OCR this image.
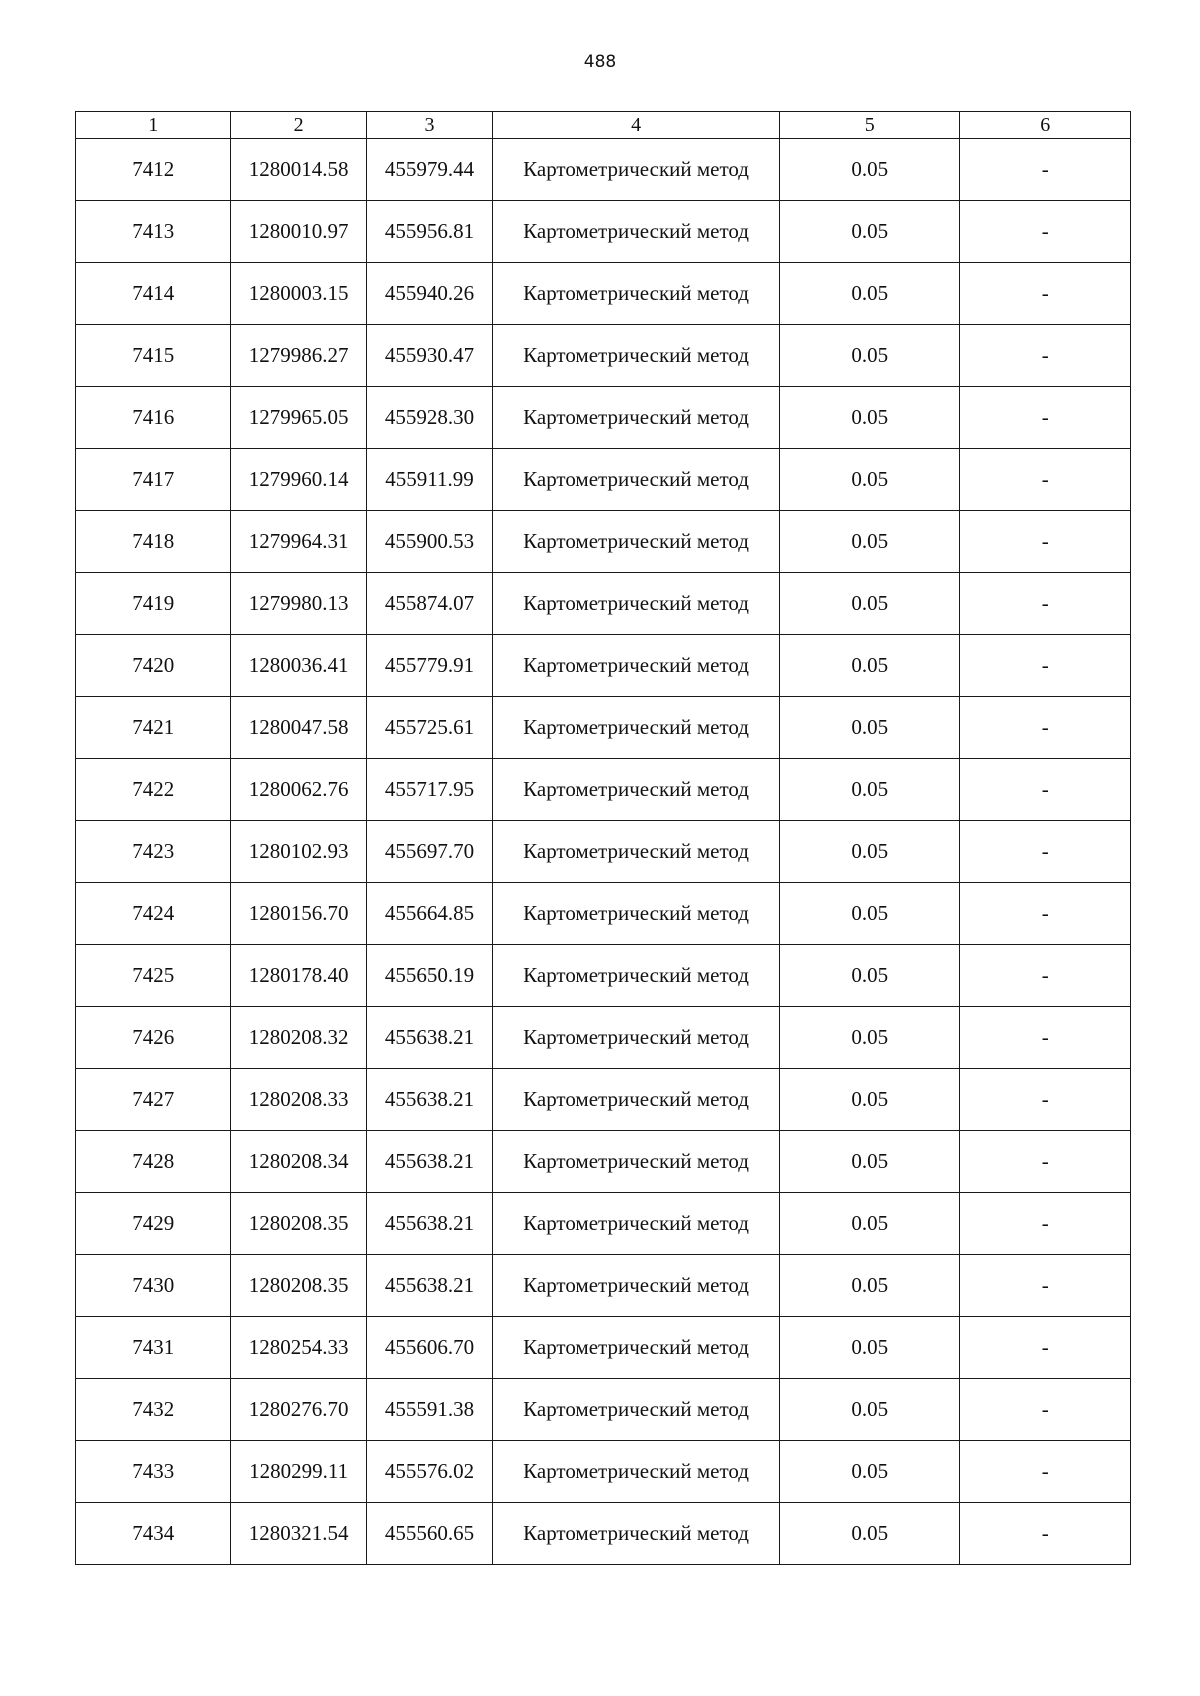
488
1	2	3	4	5	6
7412	1280014.58	455979.44	Картометрический метод	0.05	-
7413	1280010.97	455956.81	Картометрический метод	0.05	-
7414	1280003.15	455940.26	Картометрический метод	0.05	-
7415	1279986.27	455930.47	Картометрический метод	0.05	-
7416	1279965.05	455928.30	Картометрический метод	0.05	-
7417	1279960.14	455911.99	Картометрический метод	0.05	-
7418	1279964.31	455900.53	Картометрический метод	0.05	-
7419	1279980.13	455874.07	Картометрический метод	0.05	-
7420	1280036.41	455779.91	Картометрический метод	0.05	-
7421	1280047.58	455725.61	Картометрический метод	0.05	-
7422	1280062.76	455717.95	Картометрический метод	0.05	-
7423	1280102.93	455697.70	Картометрический метод	0.05	-
7424	1280156.70	455664.85	Картометрический метод	0.05	-
7425	1280178.40	455650.19	Картометрический метод	0.05	-
7426	1280208.32	455638.21	Картометрический метод	0.05	-
7427	1280208.33	455638.21	Картометрический метод	0.05	-
7428	1280208.34	455638.21	Картометрический метод	0.05	-
7429	1280208.35	455638.21	Картометрический метод	0.05	-
7430	1280208.35	455638.21	Картометрический метод	0.05	-
7431	1280254.33	455606.70	Картометрический метод	0.05	-
7432	1280276.70	455591.38	Картометрический метод	0.05	-
7433	1280299.11	455576.02	Картометрический метод	0.05	-
7434	1280321.54	455560.65	Картометрический метод	0.05	-
